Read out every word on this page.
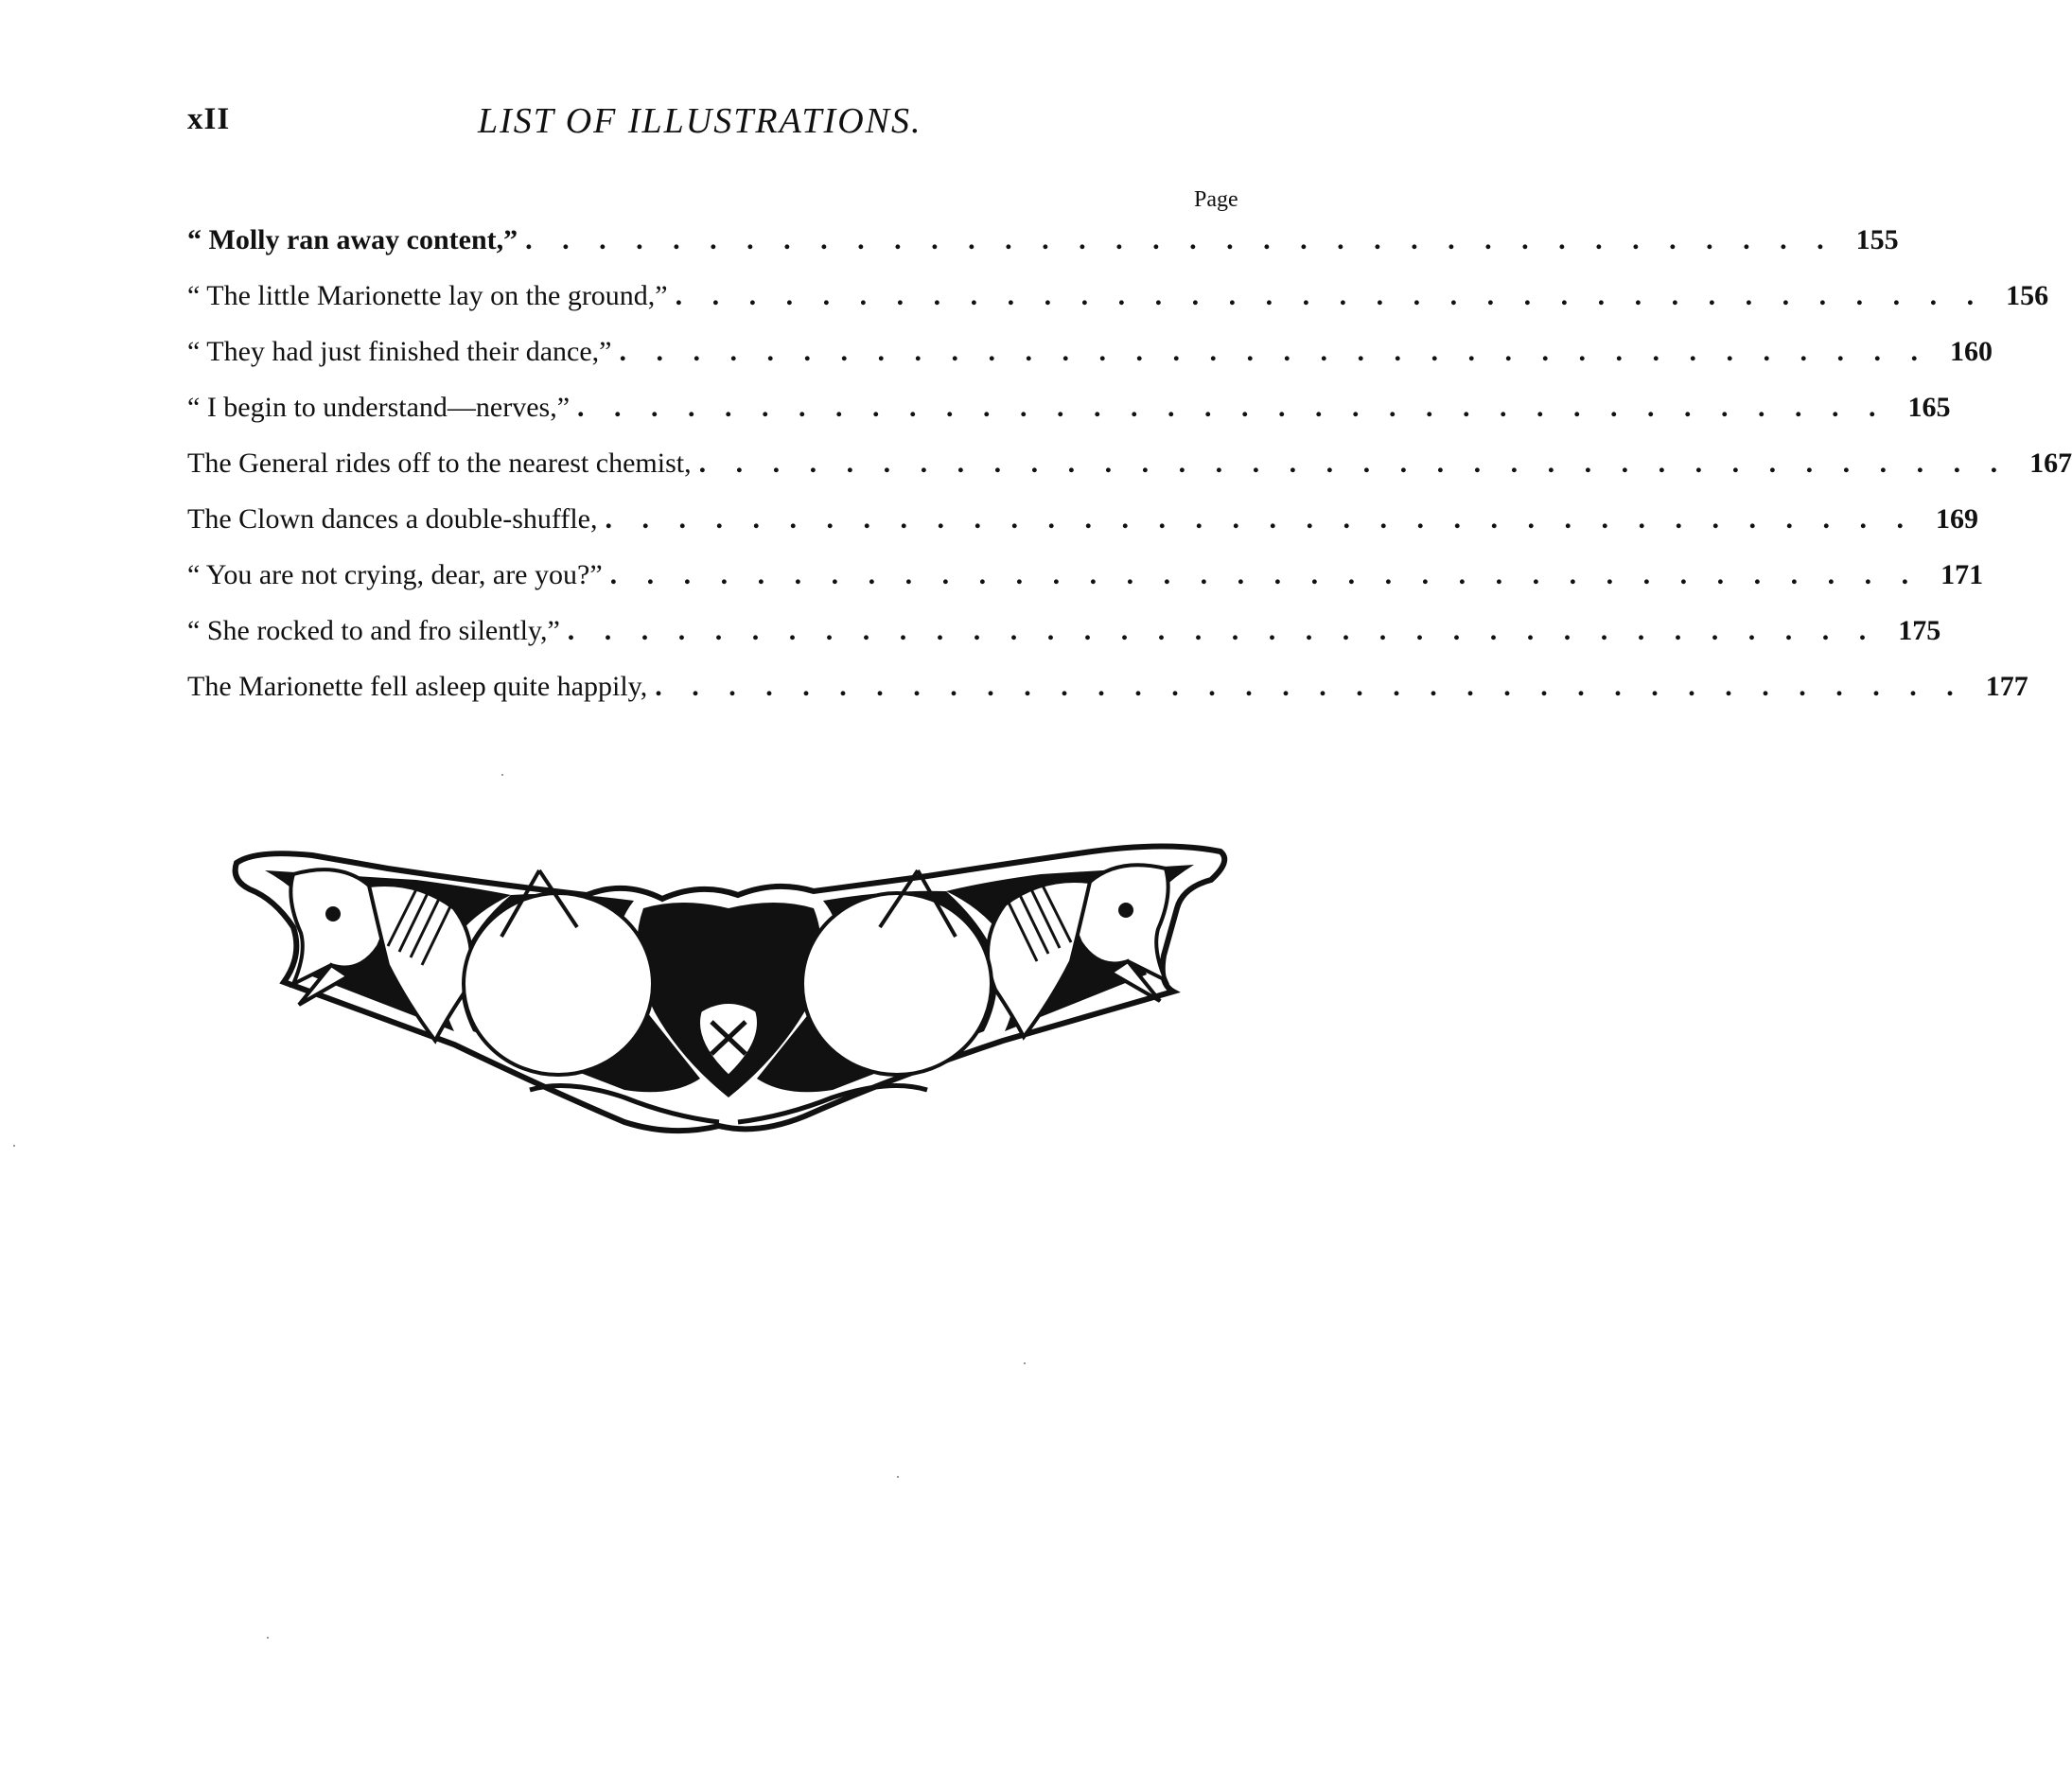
xII	LIST OF ILLUSTRATIONS.
Page
“ Molly ran away content,” . . . . . . . . . . . . . . . . . . . . . . . . . . . . . . . . . . . . 155
“ The little Marionette lay on the ground,” . . . . . . . . . . . . . . . . . . . . . . . . . . . . . . . . . . . . 156
“ They had just finished their dance,” . . . . . . . . . . . . . . . . . . . . . . . . . . . . . . . . . . . . 160
“ I begin to understand—nerves,” . . . . . . . . . . . . . . . . . . . . . . . . . . . . . . . . . . . . 165
The General rides off to the nearest chemist, . . . . . . . . . . . . . . . . . . . . . . . . . . . . . . . . . . . . 167
The Clown dances a double-shuffle, . . . . . . . . . . . . . . . . . . . . . . . . . . . . . . . . . . . . 169
“ You are not crying, dear, are you?” . . . . . . . . . . . . . . . . . . . . . . . . . . . . . . . . . . . . 171
“ She rocked to and fro silently,” . . . . . . . . . . . . . . . . . . . . . . . . . . . . . . . . . . . . 175
The Marionette fell asleep quite happily, . . . . . . . . . . . . . . . . . . . . . . . . . . . . . . . . . . . . 177
